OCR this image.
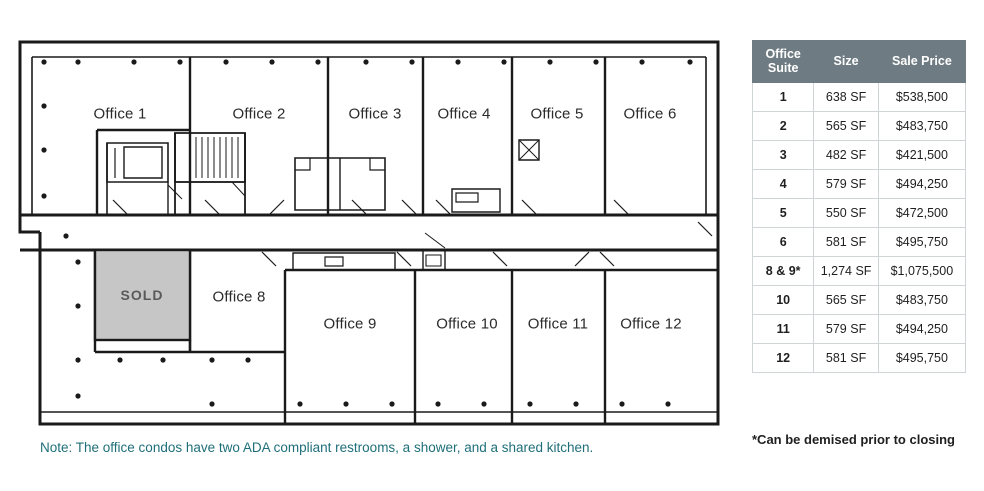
Office 1	Office 2	Office 3 Office 4	Office 5	Office 6
Office 8
Office 9	Office 10 Office 11 Office 12
SOLD
Note: The office condos have two ADA compliant restrooms, a shower, and a shared kitchen.
Office Suite	Size	Sale Price
1	638 SF	$538,500
2	565 SF	$483,750
3	482 SF	$421,500
4	579 SF	$494,250
5	550 SF	$472,500
6	581 SF	$495,750
8 & 9*	1,274 SF	$1,075,500
10	565 SF	$483,750
11	579 SF	$494,250
12	581 SF	$495,750
*Can be demised prior to closing
